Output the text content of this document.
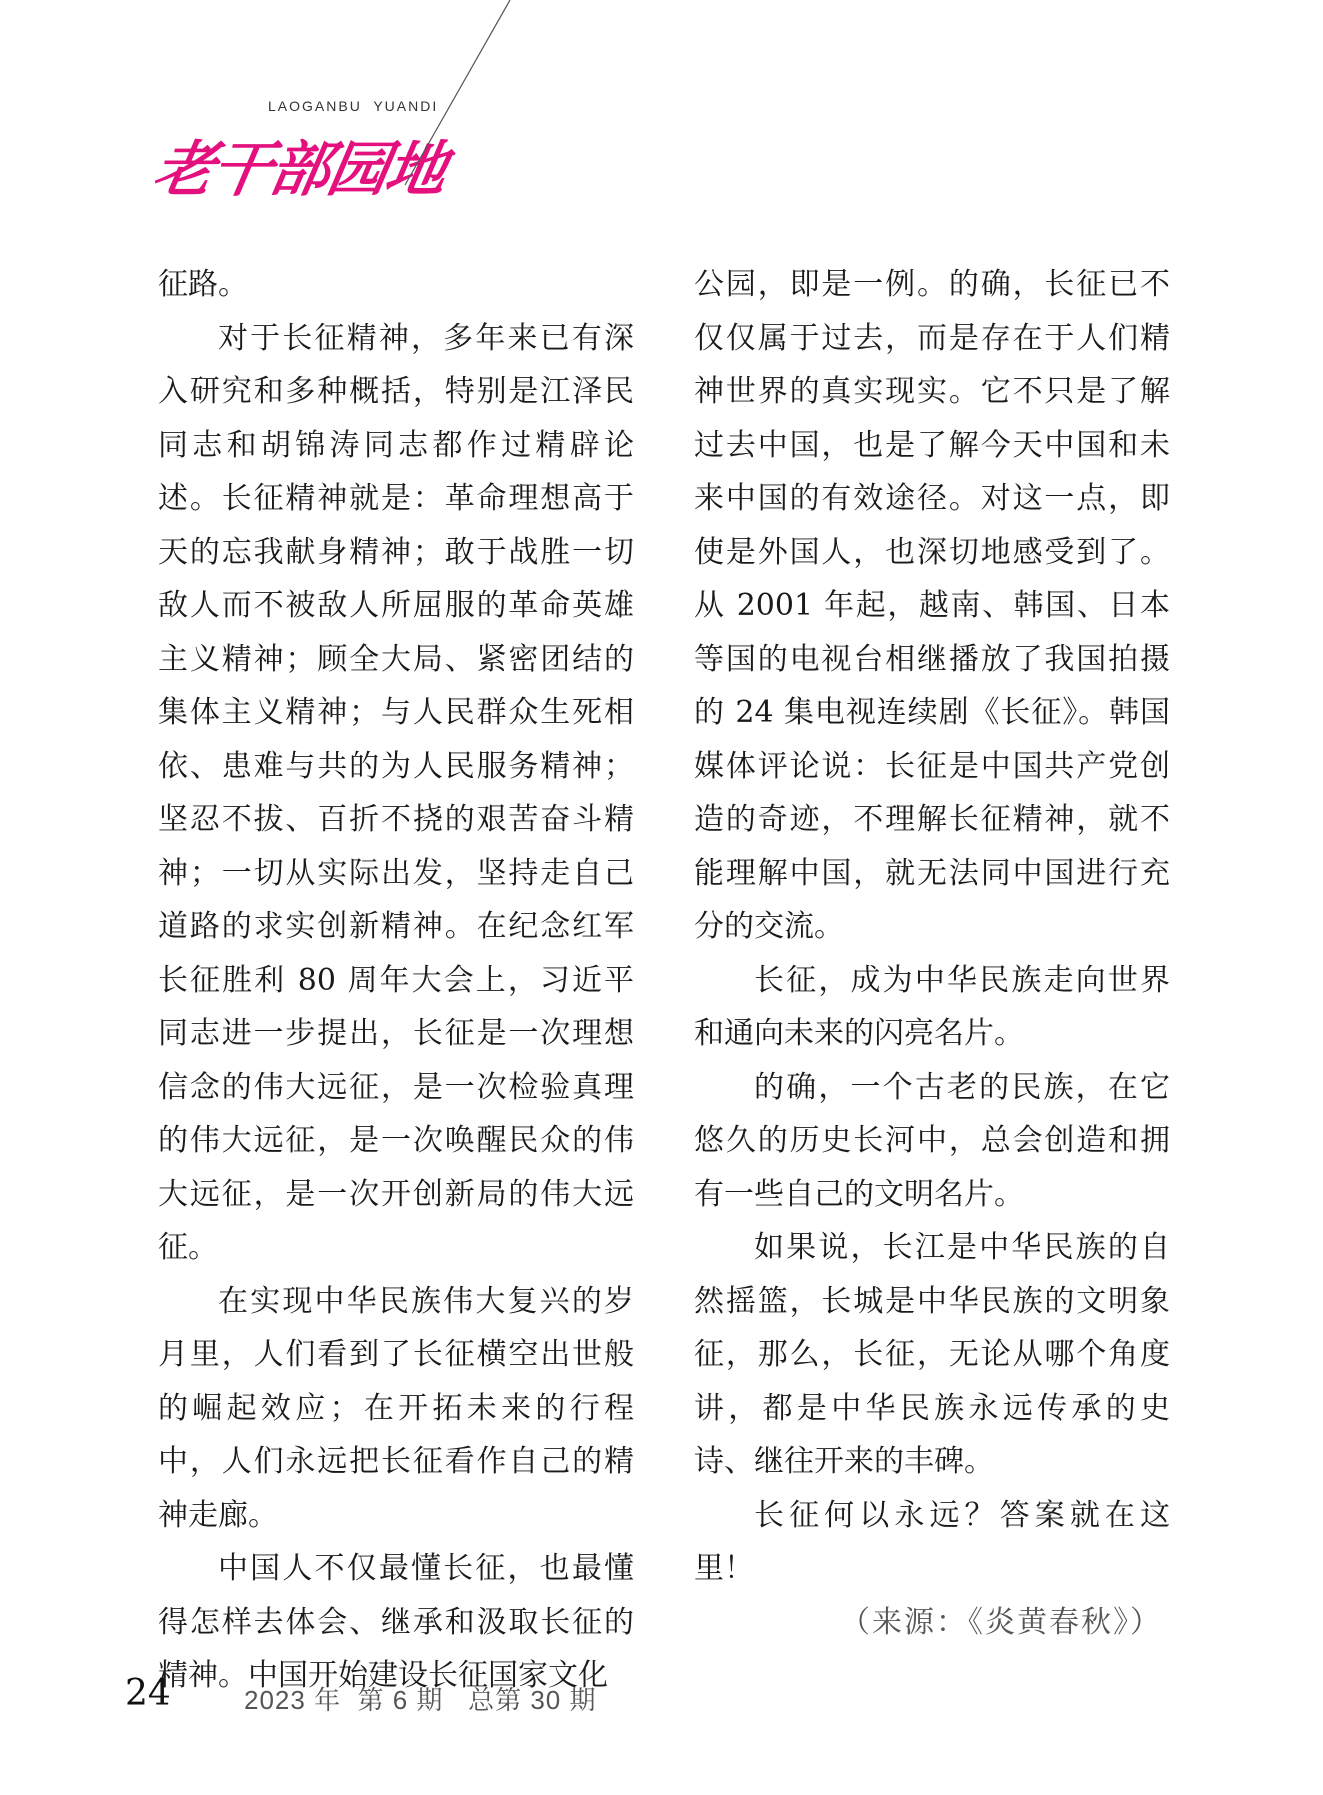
LAOGANBU  YUANDI
老干部园地

征路。

对于长征精神，多年来已有深入研究和多种概括，特别是江泽民同志和胡锦涛同志都作过精辟论述。长征精神就是：革命理想高于天的忘我献身精神；敢于战胜一切敌人而不被敌人所屈服的革命英雄主义精神；顾全大局、紧密团结的集体主义精神；与人民群众生死相依、患难与共的为人民服务精神；坚忍不拔、百折不挠的艰苦奋斗精神；一切从实际出发，坚持走自己道路的求实创新精神。在纪念红军长征胜利 80 周年大会上，习近平同志进一步提出，长征是一次理想信念的伟大远征，是一次检验真理的伟大远征，是一次唤醒民众的伟大远征，是一次开创新局的伟大远征。

在实现中华民族伟大复兴的岁月里，人们看到了长征横空出世般的崛起效应；在开拓未来的行程中，人们永远把长征看作自己的精神走廊。

中国人不仅最懂长征，也最懂得怎样去体会、继承和汲取长征的精神。中国开始建设长征国家文化

公园，即是一例。的确，长征已不仅仅属于过去，而是存在于人们精神世界的真实现实。它不只是了解过去中国，也是了解今天中国和未来中国的有效途径。对这一点，即使是外国人，也深切地感受到了。从 2001 年起，越南、韩国、日本等国的电视台相继播放了我国拍摄的 24 集电视连续剧《长征》。韩国媒体评论说：长征是中国共产党创造的奇迹，不理解长征精神，就不能理解中国，就无法同中国进行充分的交流。

长征，成为中华民族走向世界和通向未来的闪亮名片。

的确，一个古老的民族，在它悠久的历史长河中，总会创造和拥有一些自己的文明名片。

如果说，长江是中华民族的自然摇篮，长城是中华民族的文明象征，那么，长征，无论从哪个角度讲，都是中华民族永远传承的史诗、继往开来的丰碑。

长征何以永远？答案就在这里！

（来源：《炎黄春秋》）

24	2023 年  第 6 期   总第 30 期
